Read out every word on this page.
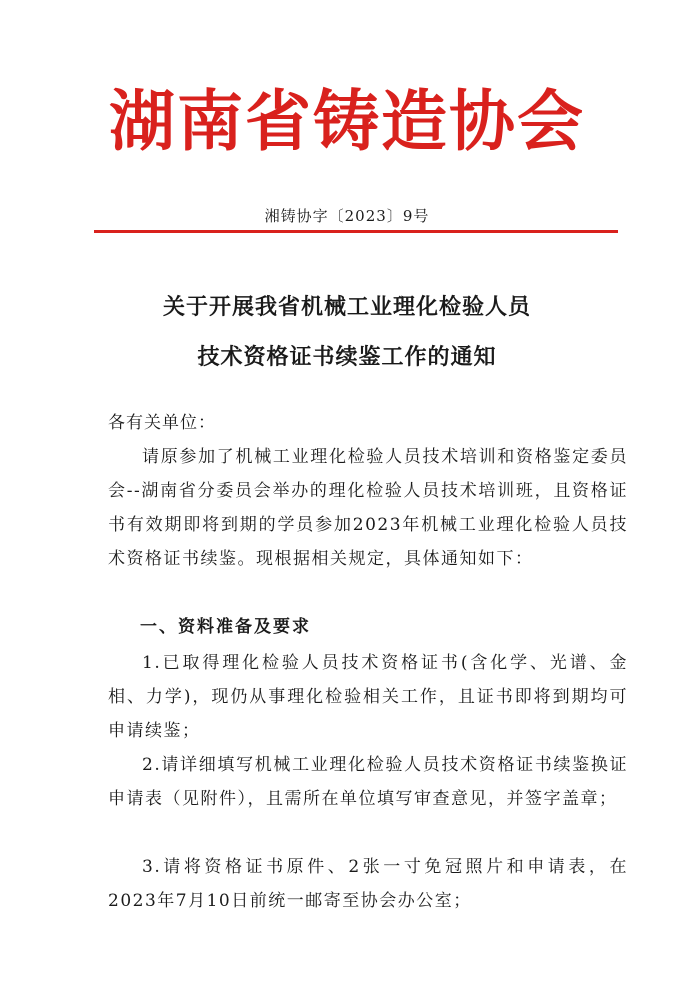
湖南省铸造协会
湘铸协字〔2023〕9号
关于开展我省机械工业理化检验人员
技术资格证书续鉴工作的通知
各有关单位：

请原参加了机械工业理化检验人员技术培训和资格鉴定委员会--湖南省分委员会举办的理化检验人员技术培训班，且资格证书有效期即将到期的学员参加2023年机械工业理化检验人员技术资格证书续鉴。现根据相关规定，具体通知如下：

一、资料准备及要求

1.已取得理化检验人员技术资格证书(含化学、光谱、金相、力学)，现仍从事理化检验相关工作，且证书即将到期均可申请续鉴；

2.请详细填写机械工业理化检验人员技术资格证书续鉴换证申请表（见附件），且需所在单位填写审查意见，并签字盖章；

3.请将资格证书原件、2张一寸免冠照片和申请表，在2023年7月10日前统一邮寄至协会办公室；
